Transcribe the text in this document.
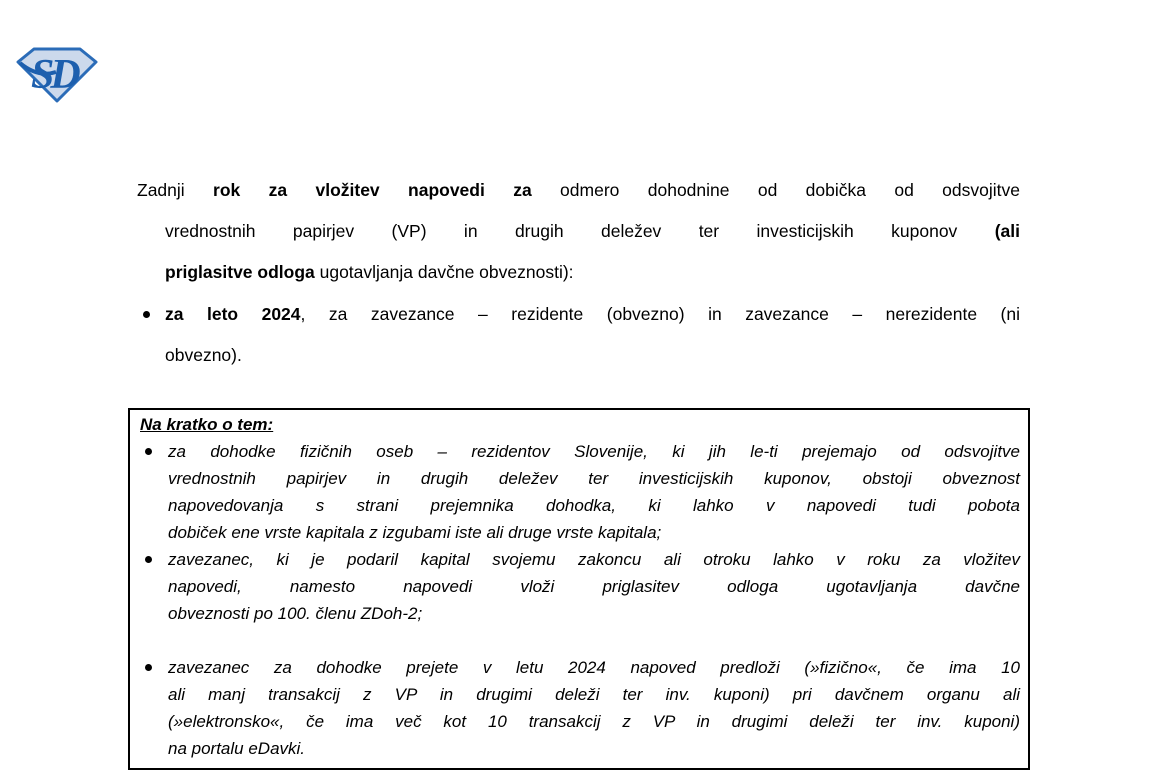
SD
Zadnji rok za vložitev napovedi za odmero dohodnine od dobička od odsvojitve
vrednostnih papirjev (VP) in drugih deležev ter investicijskih kuponov (ali
priglasitve odloga ugotavljanja davčne obveznosti):
za leto 2024, za zavezance – rezidente (obvezno) in zavezance – nerezidente (ni
obvezno).
Na kratko o tem:
za dohodke fizičnih oseb – rezidentov Slovenije, ki jih le-ti prejemajo od odsvojitve
vrednostnih papirjev in drugih deležev ter investicijskih kuponov, obstoji obveznost
napovedovanja s strani prejemnika dohodka, ki lahko v napovedi tudi pobota
dobiček ene vrste kapitala z izgubami iste ali druge vrste kapitala;
zavezanec, ki je podaril kapital svojemu zakoncu ali otroku lahko v roku za vložitev
napovedi, namesto napovedi vloži priglasitev odloga ugotavljanja davčne
obveznosti po 100. členu ZDoh-2;
zavezanec za dohodke prejete v letu 2024 napoved predloži (»fizično«, če ima 10
ali manj transakcij z VP in drugimi deleži ter inv. kuponi) pri davčnem organu ali
(»elektronsko«, če ima več kot 10 transakcij z VP in drugimi deleži ter inv. kuponi)
na portalu eDavki.
